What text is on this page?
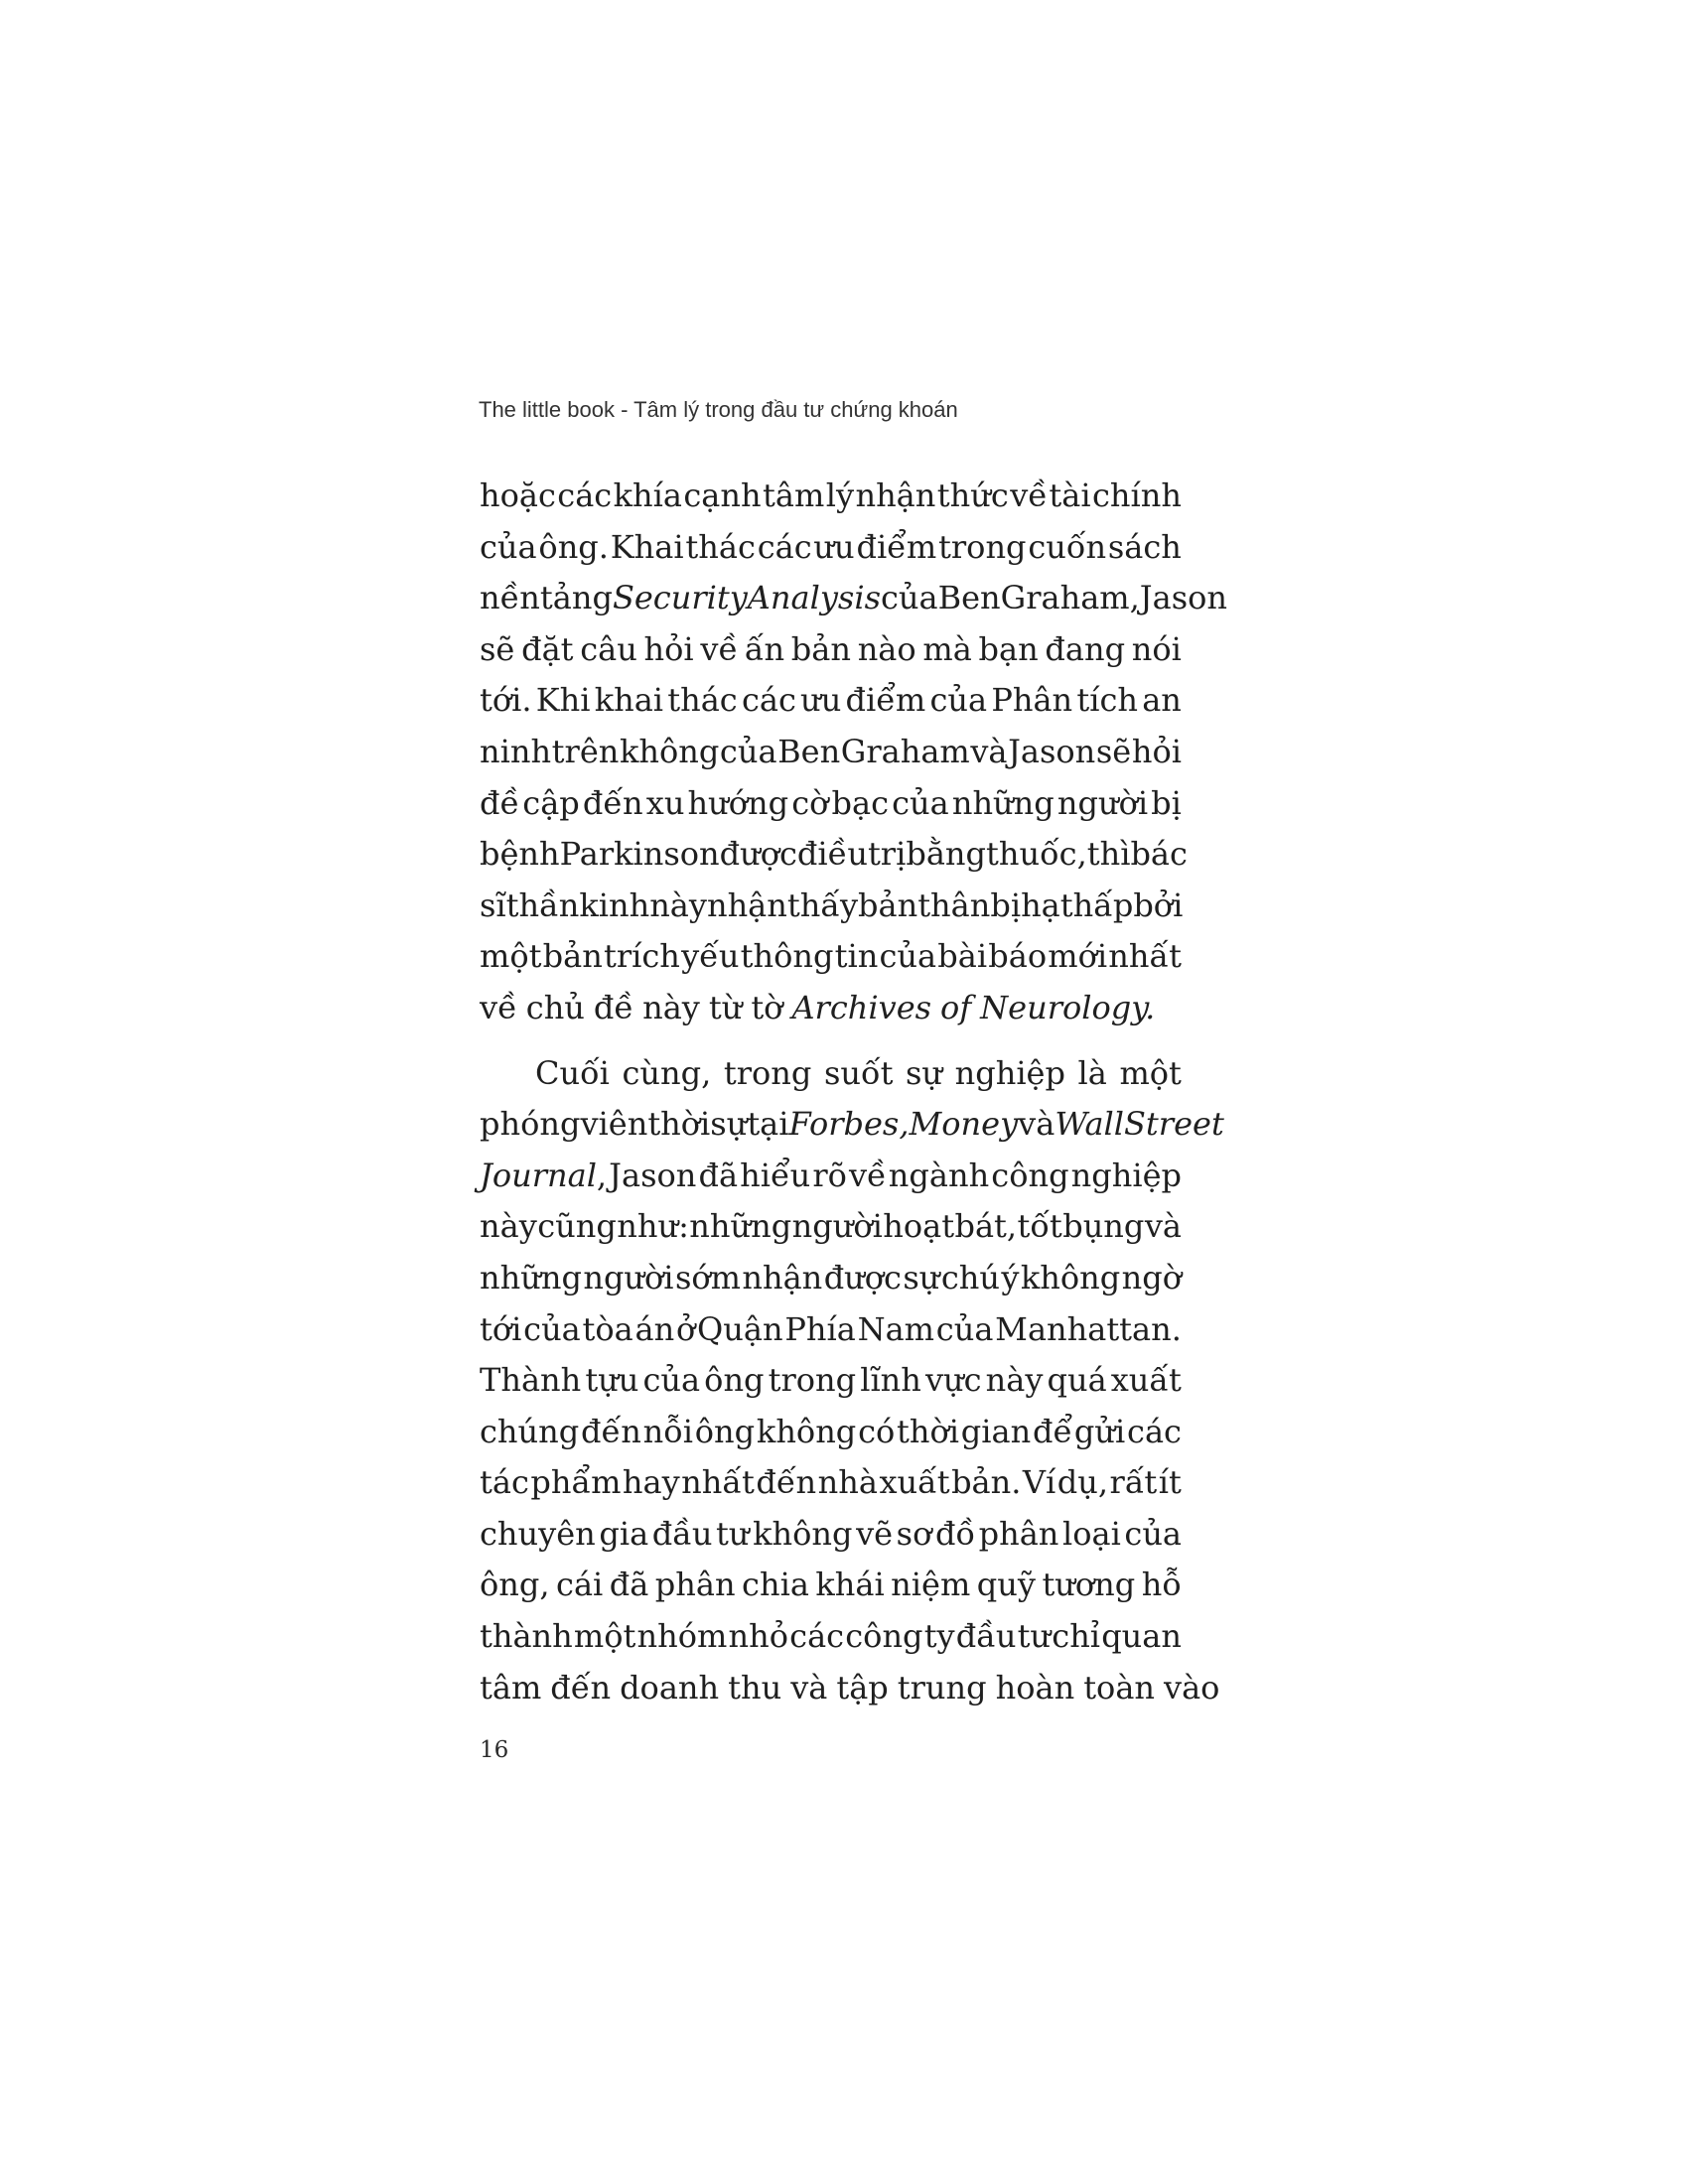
The little book - Tâm lý trong đầu tư chứng khoán
hoặc các khía cạnh tâm lý nhận thức về tài chính
của ông. Khai thác các ưu điểm trong cuốn sách
nền tảng Security Analysis của Ben Graham, Jason
sẽ đặt câu hỏi về ấn bản nào mà bạn đang nói
tới. Khi khai thác các ưu điểm của Phân tích an
ninh trên không của Ben Graham và Jason sẽ hỏi
đề cập đến xu hướng cờ bạc của những người bị
bệnh Parkinson được điều trị bằng thuốc, thì bác
sĩ thần kinh này nhận thấy bản thân bị hạ thấp bởi
một bản trích yếu thông tin của bài báo mới nhất
về chủ đề này từ tờ Archives of Neurology.
Cuối cùng, trong suốt sự nghiệp là một
phóng viên thời sự tại Forbes, Money và Wall Street
Journal, Jason đã hiểu rõ về ngành công nghiệp
này cũng như: những người hoạt bát, tốt bụng và
những người sớm nhận được sự chú ý không ngờ
tới của tòa án ở Quận Phía Nam của Manhattan.
Thành tựu của ông trong lĩnh vực này quá xuất
chúng đến nỗi ông không có thời gian để gửi các
tác phẩm hay nhất đến nhà xuất bản. Ví dụ, rất ít
chuyên gia đầu tư không vẽ sơ đồ phân loại của
ông, cái đã phân chia khái niệm quỹ tương hỗ
thành một nhóm nhỏ các công ty đầu tư chỉ quan
tâm đến doanh thu và tập trung hoàn toàn vào
16
